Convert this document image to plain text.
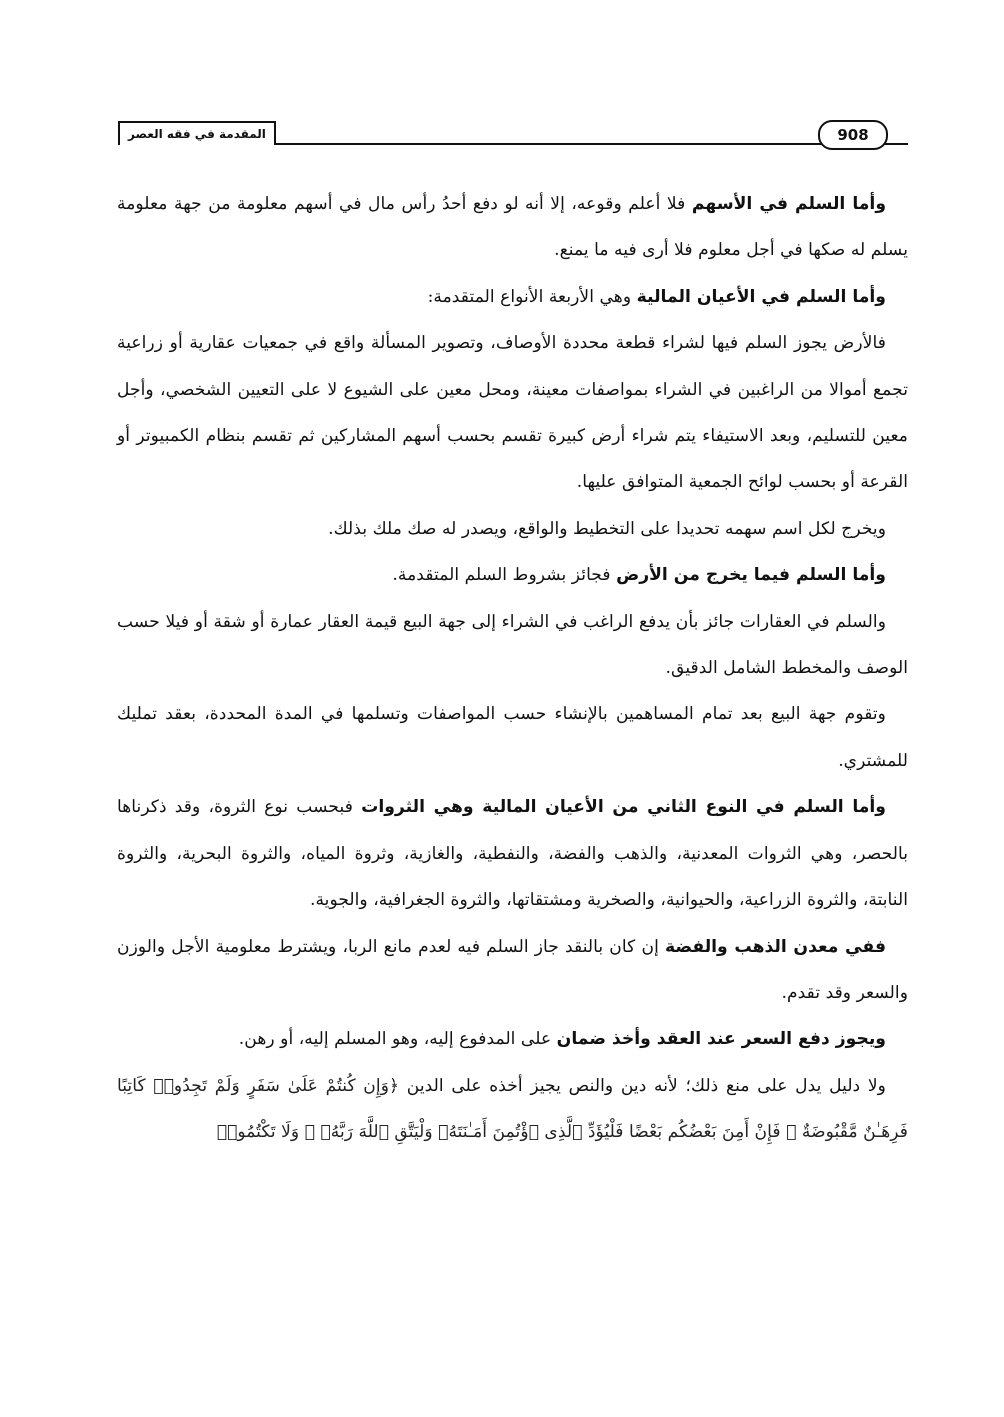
المقدمة في فقه العصر	908

وأما السلم في الأسهم فلا أعلم وقوعه، إلا أنه لو دفع أحدُ رأس مال في أسهم معلومة من جهة معلومة يسلم له صكها في أجل معلوم فلا أرى فيه ما يمنع.

وأما السلم في الأعيان المالية وهي الأربعة الأنواع المتقدمة:

فالأرض يجوز السلم فيها لشراء قطعة محددة الأوصاف، وتصوير المسألة واقع في جمعيات عقارية أو زراعية تجمع أموالا من الراغبين في الشراء بمواصفات معينة، ومحل معين على الشيوع لا على التعيين الشخصي، وأجل معين للتسليم، وبعد الاستيفاء يتم شراء أرض كبيرة تقسم بحسب أسهم المشاركين ثم تقسم بنظام الكمبيوتر أو القرعة أو بحسب لوائح الجمعية المتوافق عليها.

ويخرج لكل اسم سهمه تحديدا على التخطيط والواقع، ويصدر له صك ملك بذلك.

وأما السلم فيما يخرج من الأرض فجائز بشروط السلم المتقدمة.

والسلم في العقارات جائز بأن يدفع الراغب في الشراء إلى جهة البيع قيمة العقار عمارة أو شقة أو فيلا حسب الوصف والمخطط الشامل الدقيق.

وتقوم جهة البيع بعد تمام المساهمين بالإنشاء حسب المواصفات وتسلمها في المدة المحددة، بعقد تمليك للمشتري.

وأما السلم في النوع الثاني من الأعيان المالية وهي الثروات فبحسب نوع الثروة، وقد ذكرناها بالحصر، وهي الثروات المعدنية، والذهب والفضة، والنفطية، والغازية، وثروة المياه، والثروة البحرية، والثروة النابتة، والثروة الزراعية، والحيوانية، والصخرية ومشتقاتها، والثروة الجغرافية، والجوية.

ففي معدن الذهب والفضة إن كان بالنقد جاز السلم فيه لعدم مانع الربا، ويشترط معلومية الأجل والوزن والسعر وقد تقدم.

ويجوز دفع السعر عند العقد وأخذ ضمان على المدفوع إليه، وهو المسلم إليه، أو رهن.

ولا دليل يدل على منع ذلك؛ لأنه دين والنص يجيز أخذه على الدين ﴿وَإِن كُنتُمْ عَلَىٰ سَفَرٍ وَلَمْ تَجِدُوا۟ كَاتِبًا فَرِهَـٰنٌ مَّقْبُوضَةٌ ۖ فَإِنْ أَمِنَ بَعْضُكُم بَعْضًا فَلْيُؤَدِّ ٱلَّذِى ٱؤْتُمِنَ أَمَـٰنَتَهُۥ وَلْيَتَّقِ ٱللَّهَ رَبَّهُۥ ۗ وَلَا تَكْتُمُوا۟
